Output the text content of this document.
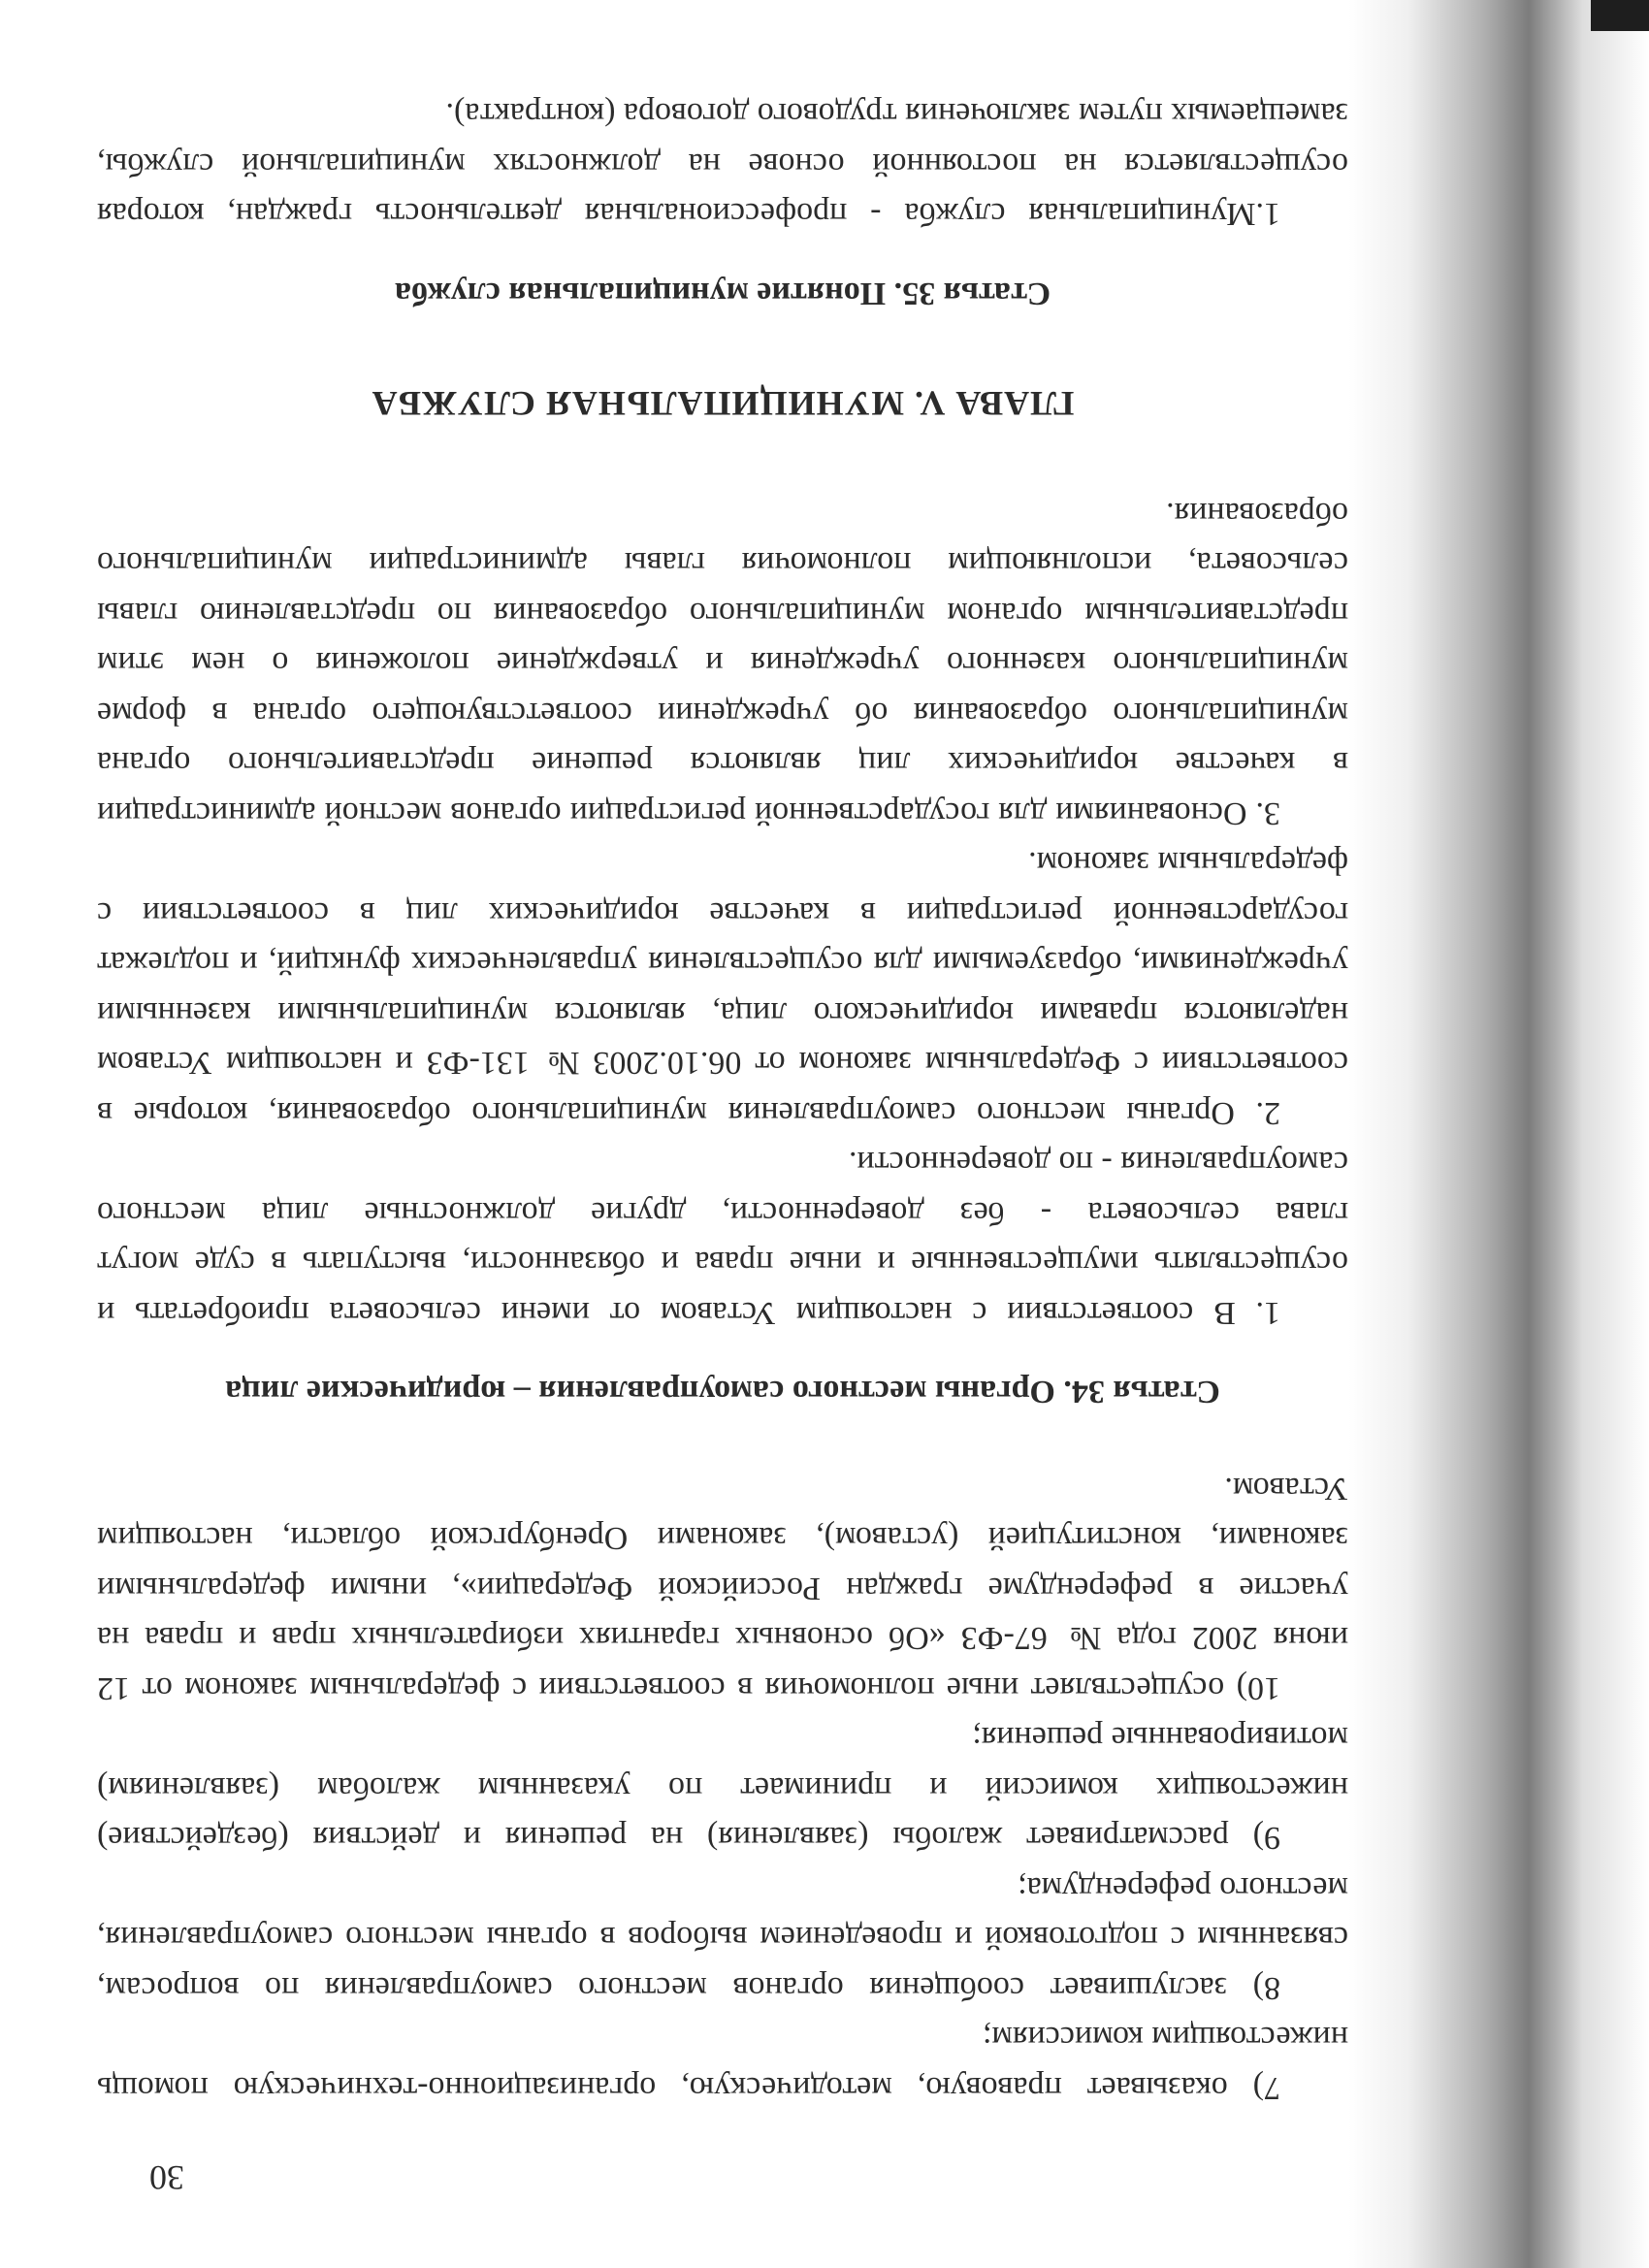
30

7) оказывает правовую, методическую, организационно-техническую помощь нижестоящим комиссиям;

8) заслушивает сообщения органов местного самоуправления по вопросам, связанным с подготовкой и проведением выборов в органы местного самоуправления, местного референдума;

9) рассматривает жалобы (заявления) на решения и действия (бездействие) нижестоящих комиссий и принимает по указанным жалобам (заявлениям) мотивированные решения;

10) осуществляет иные полномочия в соответствии с федеральным законом от 12 июня 2002 года № 67-ФЗ «Об основных гарантиях избирательных прав и права на участие в референдуме граждан Российской Федерации», иными федеральными законами, конституцией (уставом), законами Оренбургской области, настоящим Уставом.

Статья 34. Органы местного самоуправления – юридические лица

1. В соответствии с настоящим Уставом от имени сельсовета приобретать и осуществлять имущественные и иные права и обязанности, выступать в суде могут глава сельсовета - без доверенности, другие должностные лица местного самоуправления - по доверенности.

2. Органы местного самоуправления муниципального образования, которые в соответствии с Федеральным законом от 06.10.2003 № 131-ФЗ и настоящим Уставом наделяются правами юридического лица, являются муниципальными казенными учреждениями, образуемыми для осуществления управленческих функций, и подлежат государственной регистрации в качестве юридических лиц в соответствии с федеральным законом.

3. Основаниями для государственной регистрации органов местной администрации в качестве юридических лиц являются решение представительного органа муниципального образования об учреждении соответствующего органа в форме муниципального казенного учреждения и утверждение положения о нем этим представительным органом муниципального образования по представлению главы сельсовета, исполняющим полномочия главы администрации муниципального образования.

ГЛАВА V. МУНИЦИПАЛЬНАЯ СЛУЖБА
Статья 35. Понятие муниципальная служба

1.Муниципальная служба - профессиональная деятельность граждан, которая осуществляется на постоянной основе на должностях муниципальной службы, замещаемых путем заключения трудового договора (контракта).
